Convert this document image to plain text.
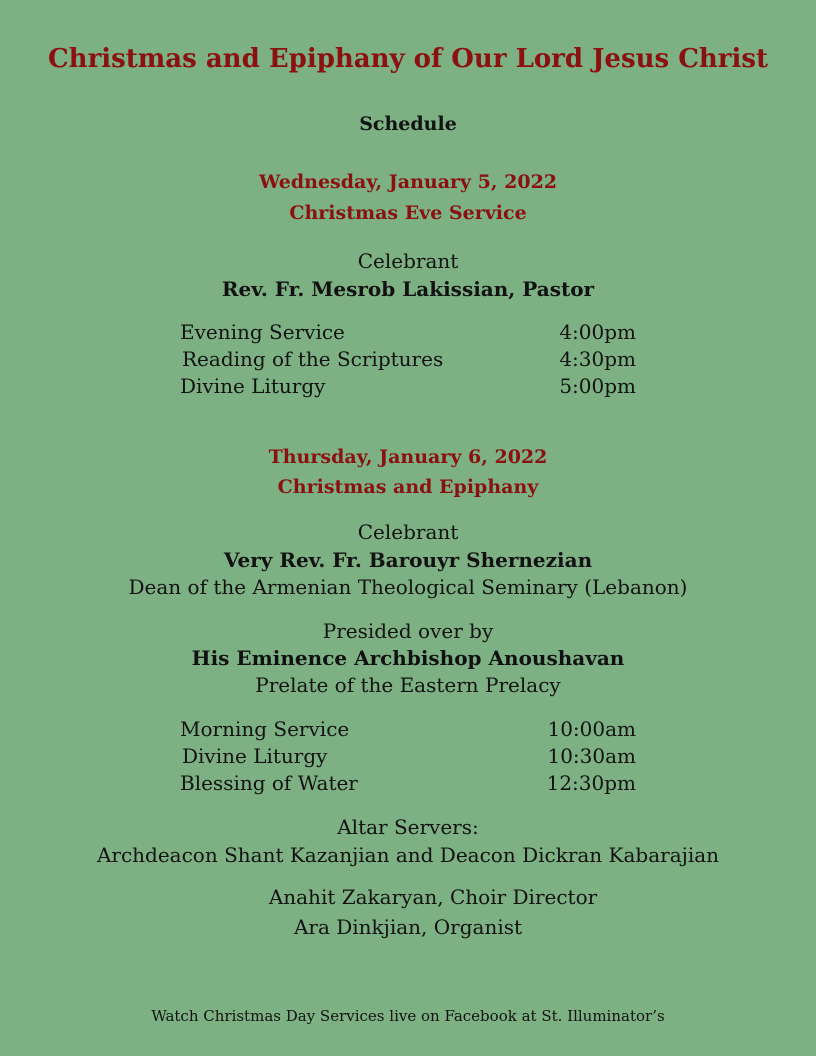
Christmas and Epiphany of Our Lord Jesus Christ
Schedule
Wednesday, January 5, 2022
Christmas Eve Service
Celebrant
Rev. Fr. Mesrob Lakissian, Pastor
Evening Service	4:00pm
Reading of the Scriptures	4:30pm
Divine Liturgy	5:00pm
Thursday, January 6, 2022
Christmas and Epiphany
Celebrant
Very Rev. Fr. Barouyr Shernezian
Dean of the Armenian Theological Seminary (Lebanon)
Presided over by
His Eminence Archbishop Anoushavan
Prelate of the Eastern Prelacy
Morning Service	10:00am
Divine Liturgy	10:30am
Blessing of Water	12:30pm
Altar Servers:
Archdeacon Shant Kazanjian and Deacon Dickran Kabarajian
Anahit Zakaryan, Choir Director
Ara Dinkjian, Organist
Watch Christmas Day Services live on Facebook at St. Illuminator’s
